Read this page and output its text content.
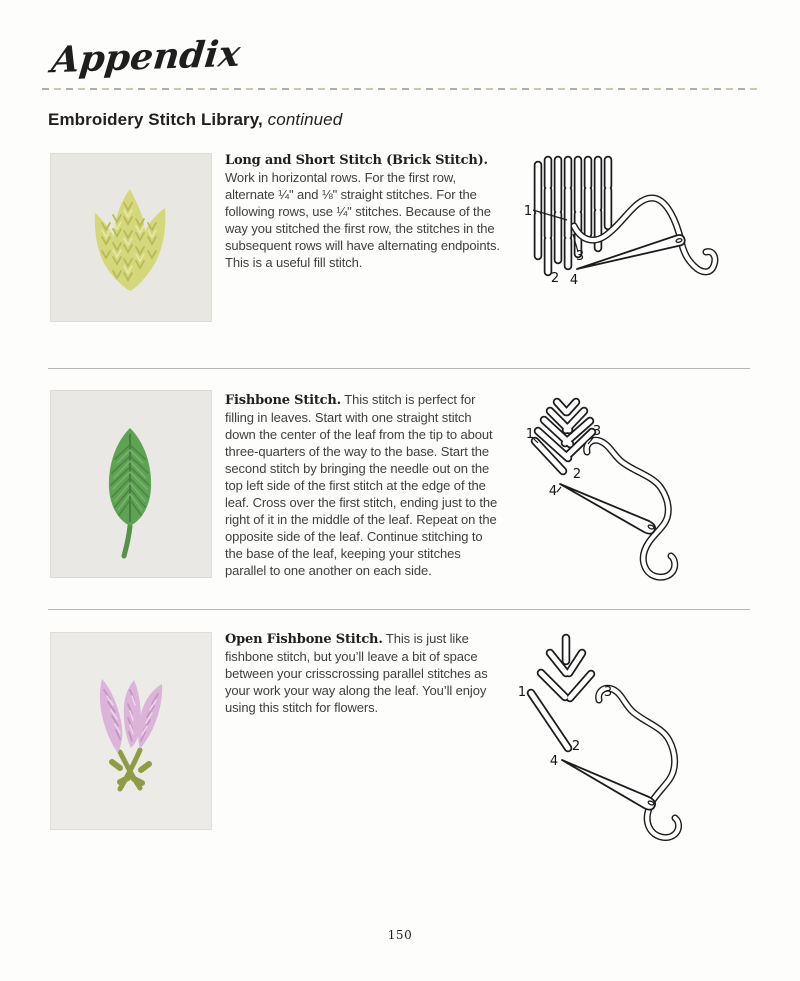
Appendix
Embroidery Stitch Library, continued
Long and Short Stitch (Brick Stitch). Work in horizontal rows. For the first row, alternate ¼" and ⅛" straight stitches. For the following rows, use ¼" stitches. Because of the way you stitched the first row, the stitches in the subsequent rows will have alternating endpoints. This is a useful fill stitch.
1
2
3
4
Fishbone Stitch. This stitch is perfect for filling in leaves. Start with one straight stitch down the center of the leaf from the tip to about three-quarters of the way to the base. Start the second stitch by bringing the needle out on the top left side of the first stitch at the edge of the leaf. Cross over the first stitch, ending just to the right of it in the middle of the leaf. Repeat on the opposite side of the leaf. Continue stitching to the base of the leaf, keeping your stitches parallel to one another on each side.
1
2
3
4
Open Fishbone Stitch. This is just like fishbone stitch, but you’ll leave a bit of space between your crisscrossing parallel stitches as your work your way along the leaf. You’ll enjoy using this stitch for flowers.
1
2
3
4
150
